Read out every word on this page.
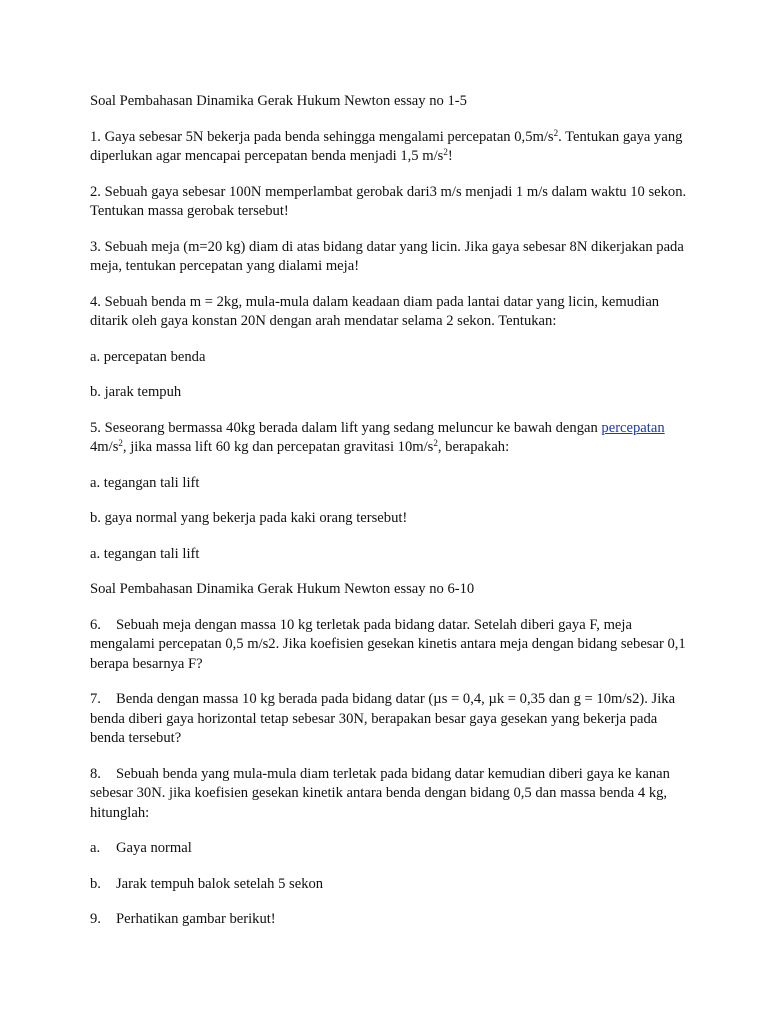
Soal Pembahasan Dinamika Gerak Hukum Newton essay no 1-5

1. Gaya sebesar 5N bekerja pada benda sehingga mengalami percepatan $0,5m/s^2$. Tentukan gaya yang diperlukan agar mencapai percepatan benda menjadi 1,5 $m/s^2$!

2. Sebuah gaya sebesar 100N memperlambat gerobak dari3 m/s menjadi 1 m/s dalam waktu 10 sekon. Tentukan massa gerobak tersebut!

3. Sebuah meja (m=20 kg) diam di atas bidang datar yang licin. Jika gaya sebesar 8N dikerjakan pada meja, tentukan percepatan yang dialami meja!

4. Sebuah benda m = 2kg, mula-mula dalam keadaan diam pada lantai datar yang licin, kemudian ditarik oleh gaya konstan 20N dengan arah mendatar selama 2 sekon. Tentukan:

a. percepatan benda

b. jarak tempuh

5. Seseorang bermassa 40kg berada dalam lift yang sedang meluncur ke bawah dengan percepatan $4m/s^2$, jika massa lift 60 kg dan percepatan gravitasi $10m/s^2$, berapakah:

a. tegangan tali lift

b. gaya normal yang bekerja pada kaki orang tersebut!

a. tegangan tali lift

Soal Pembahasan Dinamika Gerak Hukum Newton essay no 6-10

6. Sebuah meja dengan massa 10 kg terletak pada bidang datar. Setelah diberi gaya F, meja mengalami percepatan 0,5 m/s2. Jika koefisien gesekan kinetis antara meja dengan bidang sebesar 0,1 berapa besarnya F?

7. Benda dengan massa 10 kg berada pada bidang datar (µs = 0,4, µk = 0,35 dan g = 10m/s2). Jika benda diberi gaya horizontal tetap sebesar 30N, berapakan besar gaya gesekan yang bekerja pada benda tersebut?

8. Sebuah benda yang mula-mula diam terletak pada bidang datar kemudian diberi gaya ke kanan sebesar 30N. jika koefisien gesekan kinetik antara benda dengan bidang 0,5 dan massa benda 4 kg, hitunglah:

a. Gaya normal

b. Jarak tempuh balok setelah 5 sekon

9. Perhatikan gambar berikut!
